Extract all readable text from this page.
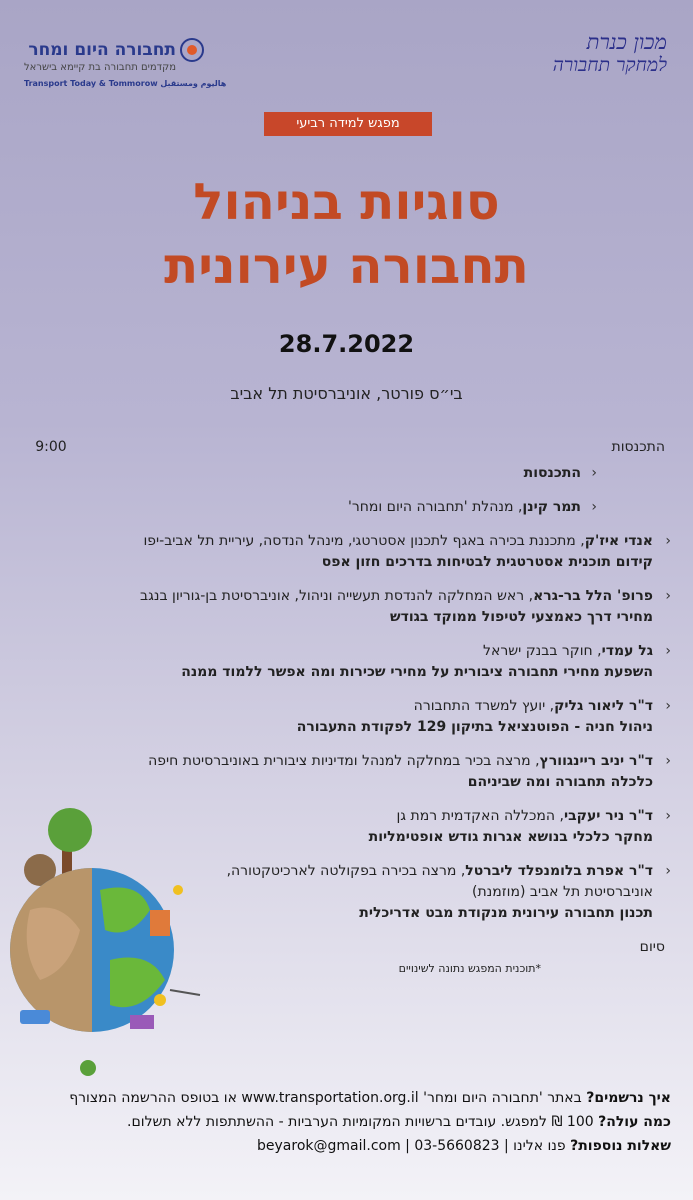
תחבורה היום ומחר
מקדמים תחבורה בת קיימא בישראל
Transport Today & Tommorow هاليوم ومستقبل
מכון כנרת
למחקר תחבורה
מפגש למידה רביעי
סוגיות בניהול
תחבורה עירונית
28.7.2022
בי״ס פורטר, אוניברסיטת תל אביב
התכנסות
9:00
‹
התכנסות
‹
תמר קינן, מנהלת 'תחבורה היום ומחר'
‹
אנדי איז'ק, מתכננת בכירה באגף לתכנון אסטרטגי, מינהל הנדסה, עיריית תל אביב-יפו
קידום תוכנית אסטרטגית לבטיחות בדרכים חזון אפס
‹
פרופ' הלל בר-גרא, ראש המחלקה להנדסת תעשייה וניהול, אוניברסיטת בן-גוריון בנגב
מחירי דרך כאמצעי לטיפול ממוקד בגודש
‹
גל עמדי, חוקר בבנק ישראל
השפעת מחירי תחבורה ציבורית על מחירי שכירות ומה אפשר ללמוד ממנה
‹
ד"ר ליאור גליק, יועץ למשרד התחבורה
ניהול חניה - הפוטנציאל בתיקון 129 לפקודת התעבורה
‹
ד"ר יניב ריינגוורץ, מרצה בכיר במחלקה למנהל ומדיניות ציבורית באוניברסיטת חיפה
כלכלה תחבורה ומה שביניהם
‹
ד"ר ניר יעקבי, המכללה האקדמית רמת גן
מחקר כלכלי בנושא אגרות גודש אופטימליות
‹
ד"ר אפרת בלומנפלד ליברטל, מרצה בכירה בפקולטה לארכיטקטורה, אוניברסיטת תל אביב (מוזמנת)
תכנון תחבורה עירונית מנקודת מבט אדריכלית
סיום
*תוכנית המפגש נתונה לשינויים
איך נרשמים? באתר 'תחבורה היום ומחר' www.transportation.org.il או בטופס ההרשמה המצורף
כמה עולה? 100 ₪ למפגש. עובדים ברשויות המקומיות הערביות - ההשתתפות ללא תשלום.
שאלות נוספות? פנו אלינו | 03-5660823 | beyarok@gmail.com
